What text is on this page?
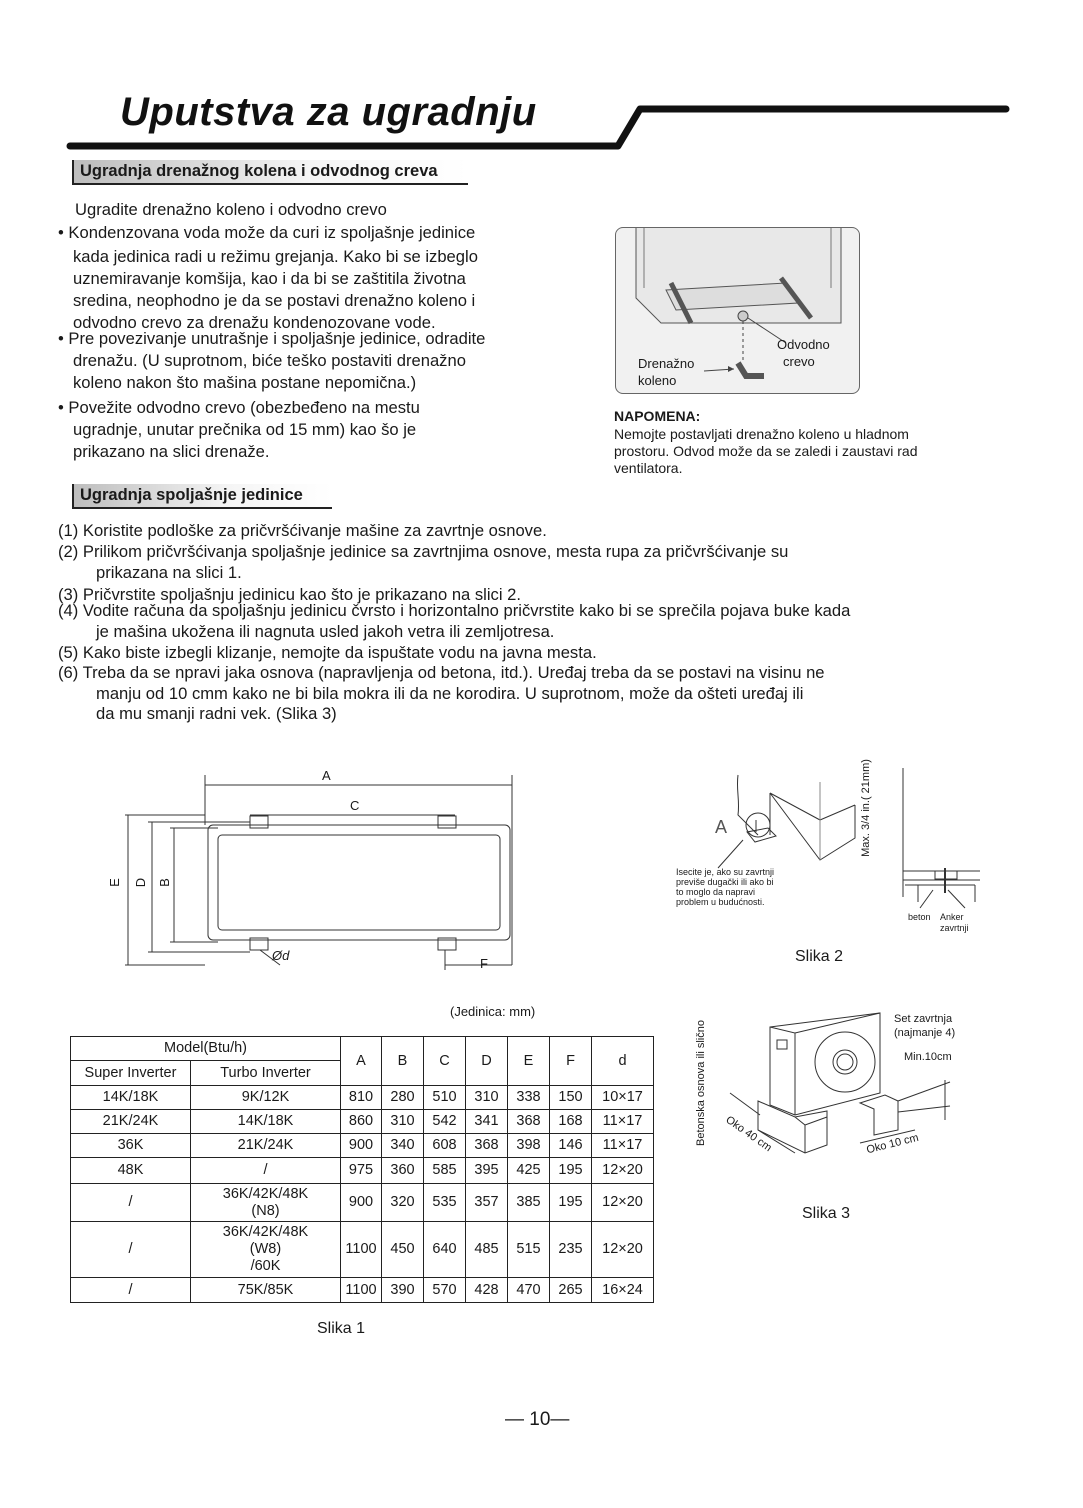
Uputstva za ugradnju
Ugradnja drenažnog kolena i odvodnog creva
Ugradite drenažno koleno i odvodno crevo
• Kondenzovana voda može da curi iz spoljašnje jedinice
kada jedinica radi u režimu grejanja. Kako bi se izbeglo
uznemiravanje komšija, kao i da bi se zaštitila životna
sredina, neophodno je da se postavi drenažno koleno i
odvodno crevo za drenažu kondenozovane vode.
• Pre povezivanje unutrašnje i spoljašnje jedinice, odradite
drenažu. (U suprotnom, biće teško postaviti drenažno
koleno nakon što mašina postane nepomična.)
• Povežite odvodno crevo (obezbeđeno na mestu
ugradnje, unutar prečnika od 15 mm) kao šo je
prikazano na slici drenaže.
Odvodno
crevo
Drenažno
koleno
NAPOMENA:
Nemojte postavljati drenažno koleno u hladnom
prostoru. Odvod može da se zaledi i zaustavi rad
ventilatora.
Ugradnja spoljašnje jedinice
(1) Koristite podloške za pričvršćivanje mašine za zavrtnje osnove.
(2) Prilikom pričvršćivanja spoljašnje jedinice sa zavrtnjima osnove, mesta rupa za pričvršćivanje su
prikazana na slici 1.
(3) Pričvrstite spoljašnju jedinicu kao što je prikazano na slici 2.
(4) Vodite računa da spoljašnju jedinicu čvrsto i horizontalno pričvrstite kako bi se sprečila pojava buke kada
je mašina ukožena ili nagnuta usled jakoh vetra ili zemljotresa.
(5) Kako biste izbegli klizanje, nemojte da ispuštate vodu na javna mesta.
(6) Treba da se npravi jaka osnova (napravljenja od betona, itd.). Uređaj treba da se postavi na visinu ne
manju od 10 cmm kako ne bi bila mokra ili da ne korodira. U suprotnom, može da ošteti uređaj ili
da mu smanji radni vek. (Slika 3)
A
C
E D B
F
Ød
(Jedinica: mm)
Model(Btu/h)		A	B	C	D	E	F	d
Super Inverter	Turbo Inverter							
14K/18K	9K/12K	810	280	510	310	338	150	10×17
21K/24K	14K/18K	860	310	542	341	368	168	11×17
36K	21K/24K	900	340	608	368	398	146	11×17
48K	/	975	360	585	395	425	195	12×20
/	36K/42K/48K
(N8)	900	320	535	357	385	195	12×20
/	36K/42K/48K
(W8)
/60K	1100	450	640	485	515	235	12×20
/	75K/85K	1100	390	570	428	470	265	16×24
Slika 1
A
Isecite je, ako su zavrtnji
previše dugački ili ako bi
to moglo da napravi
problem u budućnosti.
Max. 3/4 in.( 21mm)
beton Anker zavrtnji
Slika 2
Betonska osnova ili slično
Set zavrtnja
(najmanje 4)
Min.10cm
Oko 40 cm	Oko 10 cm
Slika 3
— 10—
